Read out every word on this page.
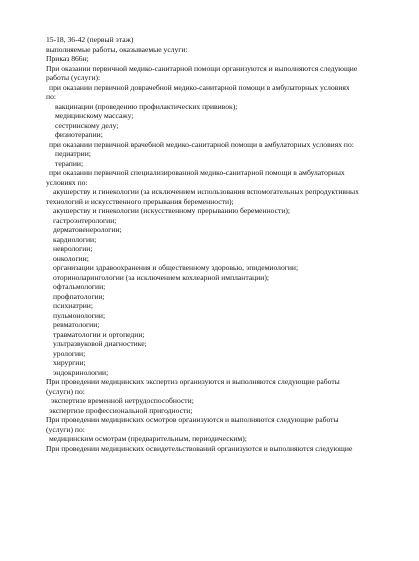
15-18, 36-42 (первый этаж)
выполняемые работы, оказываемые услуги:
Приказ 866н;
При оказании первичной медико-санитарной помощи организуются и выполняются следующие
работы (услуги):
при оказании первичной доврачебной медико-санитарной помощи в амбулаторных условиях
по:
вакцинации (проведению профилактических прививок);
медицинскому массажу;
сестринскому делу;
физиотерапии;
при оказании первичной врачебной медико-санитарной помощи в амбулаторных условиях по:
педиатрии;
терапии;
при оказании первичной специализированной медико-санитарной помощи в амбулаторных
условиях по:
акушерству и гинекологии (за исключением использования вспомогательных репродуктивных
технологий и искусственного прерывания беременности);
акушерству и гинекологии (искусственному прерыванию беременности);
гастроэнтерологии;
дерматовенерологии;
кардиологии;
неврологии;
онкологии;
организации здравоохранения и общественному здоровью, эпидемиологии;
оториноларингологии (за исключением кохлеарной имплантации);
офтальмологии;
профпатологии;
психиатрии;
пульмонологии;
ревматологии;
травматологии и ортопедии;
ультразвуковой диагностике;
урологии;
хирургии;
эндокринологии;
При проведении медицинских экспертиз организуются и выполняются следующие работы
(услуги) по:
экспертизе временной нетрудоспособности;
экспертизе профессиональной пригодности;
При проведении медицинских осмотров организуются и выполняются следующие работы
(услуги) по:
медицинским осмотрам (предварительным, периодическим);
При проведении медицинских освидетельствований организуются и выполняются следующие
